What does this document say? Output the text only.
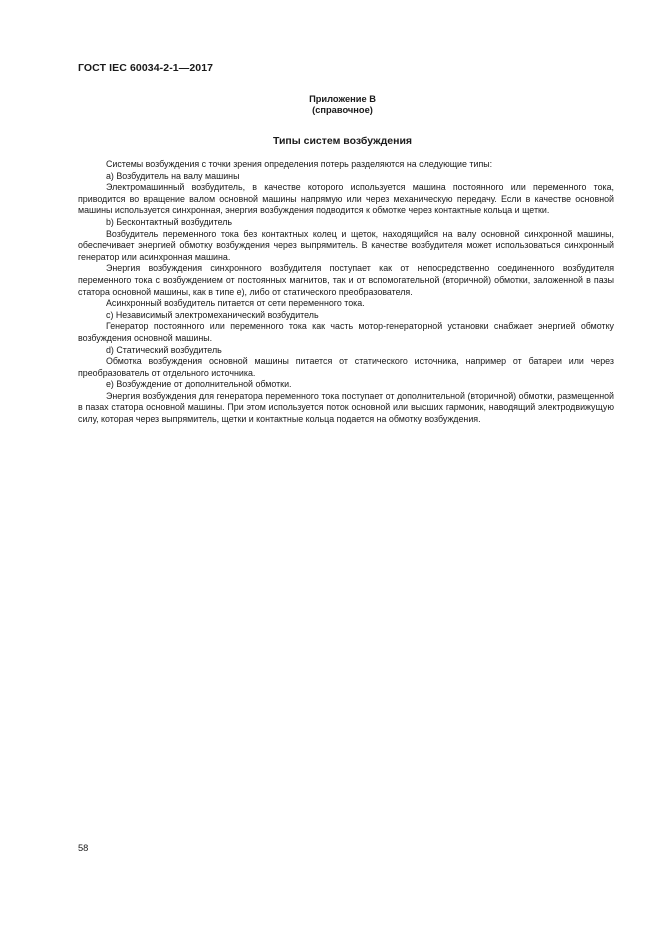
ГОСТ IEC 60034-2-1—2017
Приложение В
(справочное)
Типы систем возбуждения

Системы возбуждения с точки зрения определения потерь разделяются на следующие типы:

а) Возбудитель на валу машины

Электромашинный возбудитель, в качестве которого используется машина постоянного или переменного тока, приводится во вращение валом основной машины напрямую или через механическую передачу. Если в качестве основной машины используется синхронная, энергия возбуждения подводится к обмотке через контактные кольца и щетки.

b) Бесконтактный возбудитель

Возбудитель переменного тока без контактных колец и щеток, находящийся на валу основной синхронной машины, обеспечивает энергией обмотку возбуждения через выпрямитель. В качестве возбудителя может использоваться синхронный генератор или асинхронная машина.

Энергия возбуждения синхронного возбудителя поступает как от непосредственно соединенного возбудителя переменного тока с возбуждением от постоянных магнитов, так и от вспомогательной (вторичной) обмотки, заложенной в пазы статора основной машины, как в типе е), либо от статического преобразователя.

Асинхронный возбудитель питается от сети переменного тока.

с) Независимый электромеханический возбудитель

Генератор постоянного или переменного тока как часть мотор-генераторной установки снабжает энергией обмотку возбуждения основной машины.

d) Статический возбудитель

Обмотка возбуждения основной машины питается от статического источника, например от батареи или через преобразователь от отдельного источника.

е) Возбуждение от дополнительной обмотки.

Энергия возбуждения для генератора переменного тока поступает от дополнительной (вторичной) обмотки, размещенной в пазах статора основной машины. При этом используется поток основной или высших гармоник, наводящий электродвижущую силу, которая через выпрямитель, щетки и контактные кольца подается на обмотку возбуждения.

58
